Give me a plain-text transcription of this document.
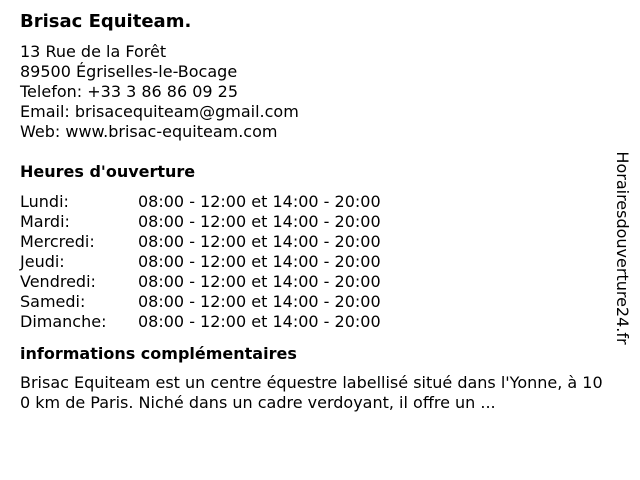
Brisac Equiteam.
13 Rue de la Forêt
89500 Égriselles-le-Bocage
Telefon: +33 3 86 86 09 25
Email: brisacequiteam@gmail.com
Web: www.brisac-equiteam.com
Heures d'ouverture
Lundi:	08:00 - 12:00 et 14:00 - 20:00
Mardi:	08:00 - 12:00 et 14:00 - 20:00
Mercredi:	08:00 - 12:00 et 14:00 - 20:00
Jeudi:	08:00 - 12:00 et 14:00 - 20:00
Vendredi:	08:00 - 12:00 et 14:00 - 20:00
Samedi:	08:00 - 12:00 et 14:00 - 20:00
Dimanche: 08:00 - 12:00 et 14:00 - 20:00
informations complémentaires
Brisac Equiteam est un centre équestre labellisé situé dans l'Yonne, à 100 km de Paris. Niché dans un cadre verdoyant, il offre un ...
Horairesdouverture24.fr
